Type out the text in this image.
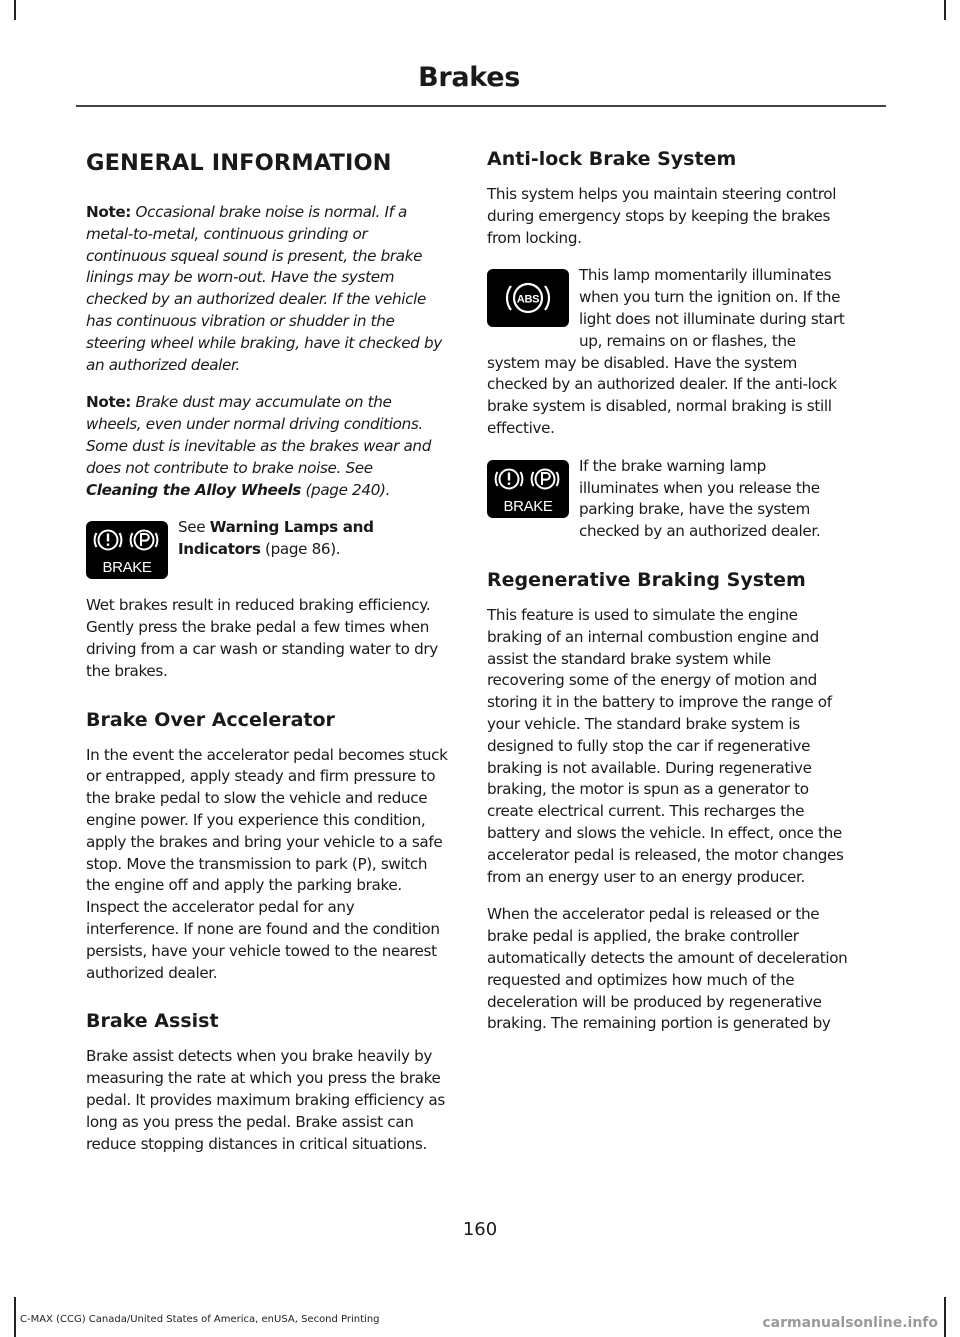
Brakes
GENERAL INFORMATION

Note: Occasional brake noise is normal. If a metal-to-metal, continuous grinding or continuous squeal sound is present, the brake linings may be worn-out. Have the system checked by an authorized dealer. If the vehicle has continuous vibration or shudder in the steering wheel while braking, have it checked by an authorized dealer.

Note: Brake dust may accumulate on the wheels, even under normal driving conditions. Some dust is inevitable as the brakes wear and does not contribute to brake noise. See Cleaning the Alloy Wheels (page 240).

BRAKE
See Warning Lamps and Indicators (page 86).

Wet brakes result in reduced braking efficiency. Gently press the brake pedal a few times when driving from a car wash or standing water to dry the brakes.

Brake Over Accelerator

In the event the accelerator pedal becomes stuck or entrapped, apply steady and firm pressure to the brake pedal to slow the vehicle and reduce engine power. If you experience this condition, apply the brakes and bring your vehicle to a safe stop. Move the transmission to park (P), switch the engine off and apply the parking brake. Inspect the accelerator pedal for any interference. If none are found and the condition persists, have your vehicle towed to the nearest authorized dealer.

Brake Assist

Brake assist detects when you brake heavily by measuring the rate at which you press the brake pedal. It provides maximum braking efficiency as long as you press the pedal. Brake assist can reduce stopping distances in critical situations.

Anti-lock Brake System

This system helps you maintain steering control during emergency stops by keeping the brakes from locking.

ABS
This lamp momentarily illuminates when you turn the ignition on. If the light does not illuminate during start up, remains on or flashes, the system may be disabled. Have the system checked by an authorized dealer. If the anti-lock brake system is disabled, normal braking is still effective.

BRAKE
If the brake warning lamp illuminates when you release the parking brake, have the system checked by an authorized dealer.

Regenerative Braking System

This feature is used to simulate the engine braking of an internal combustion engine and assist the standard brake system while recovering some of the energy of motion and storing it in the battery to improve the range of your vehicle. The standard brake system is designed to fully stop the car if regenerative braking is not available. During regenerative braking, the motor is spun as a generator to create electrical current. This recharges the battery and slows the vehicle. In effect, once the accelerator pedal is released, the motor changes from an energy user to an energy producer.

When the accelerator pedal is released or the brake pedal is applied, the brake controller automatically detects the amount of deceleration requested and optimizes how much of the deceleration will be produced by regenerative braking. The remaining portion is generated by

160
C-MAX (CCG) Canada/United States of America, enUSA, Second Printing	carmanualsonline.info
